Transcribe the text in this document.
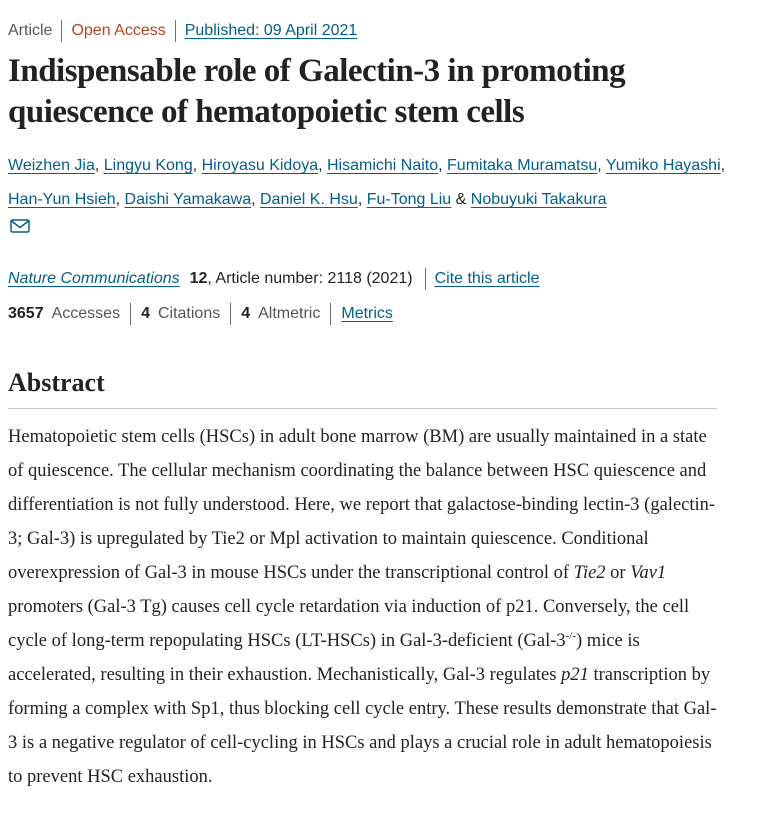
Article Open Access Published: 09 April 2021
Indispensable role of Galectin-3 in promoting quiescence of hematopoietic stem cells
Weizhen Jia, Lingyu Kong, Hiroyasu Kidoya, Hisamichi Naito, Fumitaka Muramatsu, Yumiko Hayashi, Han-Yun Hsieh, Daishi Yamakawa, Daniel K. Hsu, Fu-Tong Liu & Nobuyuki Takakura
Nature Communications 12 , Article number: 2118 (2021) Cite this article
3657 Accesses 4 Citations 4 Altmetric Metrics
Abstract

Hematopoietic stem cells (HSCs) in adult bone marrow (BM) are usually maintained in a state of quiescence. The cellular mechanism coordinating the balance between HSC quiescence and differentiation is not fully understood. Here, we report that galactose-binding lectin-3 (galectin-3; Gal-3) is upregulated by Tie2 or Mpl activation to maintain quiescence. Conditional overexpression of Gal-3 in mouse HSCs under the transcriptional control of Tie2 or Vav1 promoters (Gal-3 Tg) causes cell cycle retardation via induction of p21. Conversely, the cell cycle of long-term repopulating HSCs (LT-HSCs) in Gal-3-deficient (Gal-3-/-) mice is accelerated, resulting in their exhaustion. Mechanistically, Gal-3 regulates p21 transcription by forming a complex with Sp1, thus blocking cell cycle entry. These results demonstrate that Gal-3 is a negative regulator of cell-cycling in HSCs and plays a crucial role in adult hematopoiesis to prevent HSC exhaustion.
